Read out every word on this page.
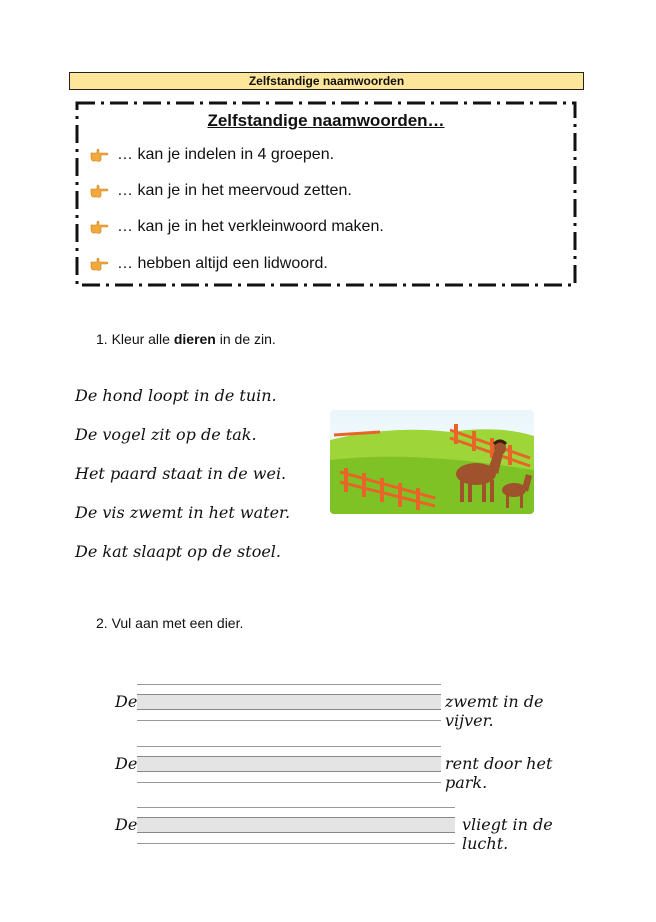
Zelfstandige naamwoorden
Zelfstandige naamwoorden…
… kan je indelen in 4 groepen.
… kan je in het meervoud zetten.
… kan je in het verkleinwoord maken.
… hebben altijd een lidwoord.
1. Kleur alle dieren in de zin.
De hond loopt in de tuin.
De vogel zit op de tak.
Het paard staat in de wei.
De vis zwemt in het water.
De kat slaapt op de stoel.
2. Vul aan met een dier.
De	zwemt in de vijver.
De	rent door het park.
De	vliegt in de lucht.
